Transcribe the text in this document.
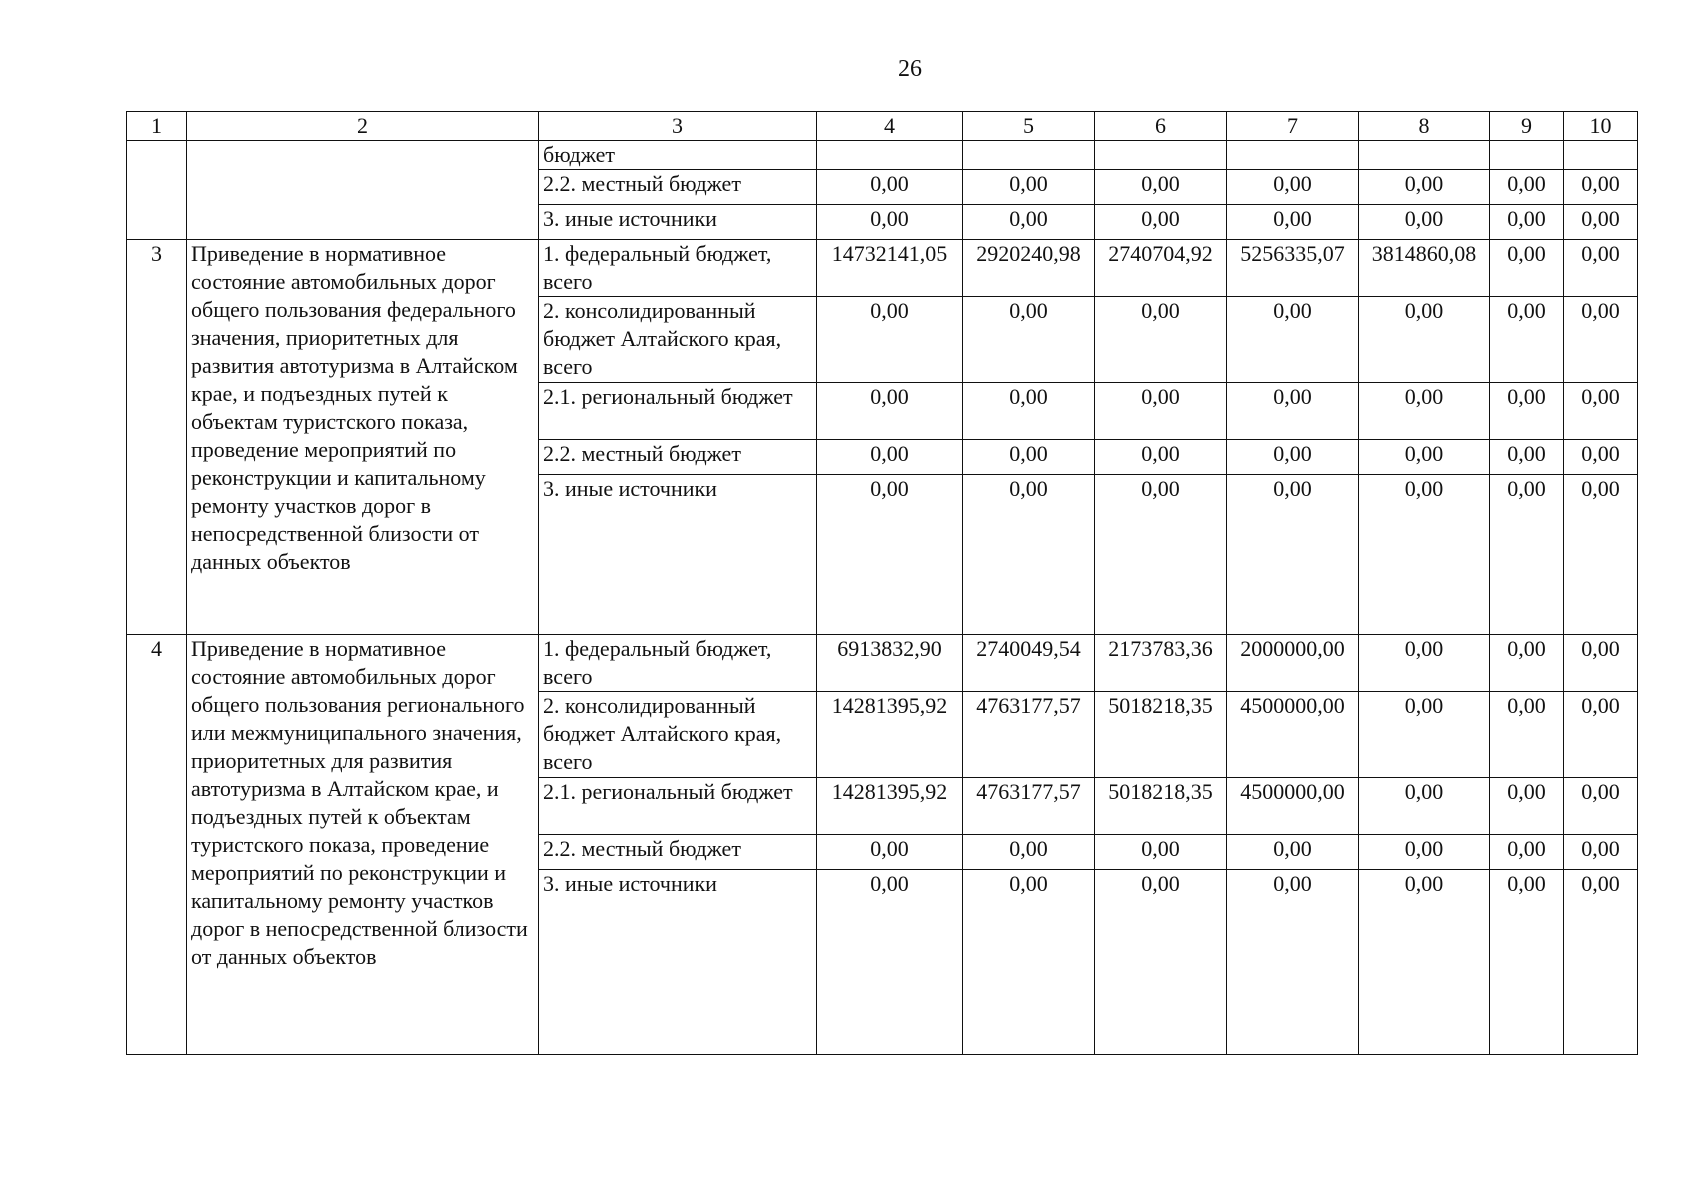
26
1	2	3	4	5	6	7	8	9	10
		бюджет							
		2.2. местный бюджет	0,00	0,00	0,00	0,00	0,00	0,00	0,00
		3. иные источники	0,00	0,00	0,00	0,00	0,00	0,00	0,00
3	Приведение в нормативное состояние автомобильных дорог общего пользования федерального значения, приоритетных для развития автотуризма в Алтайском крае, и подъездных путей к объектам туристского показа, проведение мероприятий по реконструкции и капитальному ремонту участков дорог в непосредственной близости от данных объектов	1. федеральный бюджет, всего	14732141,05	2920240,98	2740704,92	5256335,07	3814860,08	0,00	0,00
		2. консолидированный бюджет Алтайского края, всего	0,00	0,00	0,00	0,00	0,00	0,00	0,00
		2.1. региональный бюджет	0,00	0,00	0,00	0,00	0,00	0,00	0,00
		2.2. местный бюджет	0,00	0,00	0,00	0,00	0,00	0,00	0,00
		3. иные источники	0,00	0,00	0,00	0,00	0,00	0,00	0,00
4	Приведение в нормативное состояние автомобильных дорог общего пользования регионального или межмуниципального значения, приоритетных для развития автотуризма в Алтайском крае, и подъездных путей к объектам туристского показа, проведение мероприятий по реконструкции и капитальному ремонту участков дорог в непосредственной близости от данных объектов	1. федеральный бюджет, всего	6913832,90	2740049,54	2173783,36	2000000,00	0,00	0,00	0,00
		2. консолидированный бюджет Алтайского края, всего	14281395,92	4763177,57	5018218,35	4500000,00	0,00	0,00	0,00
		2.1. региональный бюджет	14281395,92	4763177,57	5018218,35	4500000,00	0,00	0,00	0,00
		2.2. местный бюджет	0,00	0,00	0,00	0,00	0,00	0,00	0,00
		3. иные источники	0,00	0,00	0,00	0,00	0,00	0,00	0,00
